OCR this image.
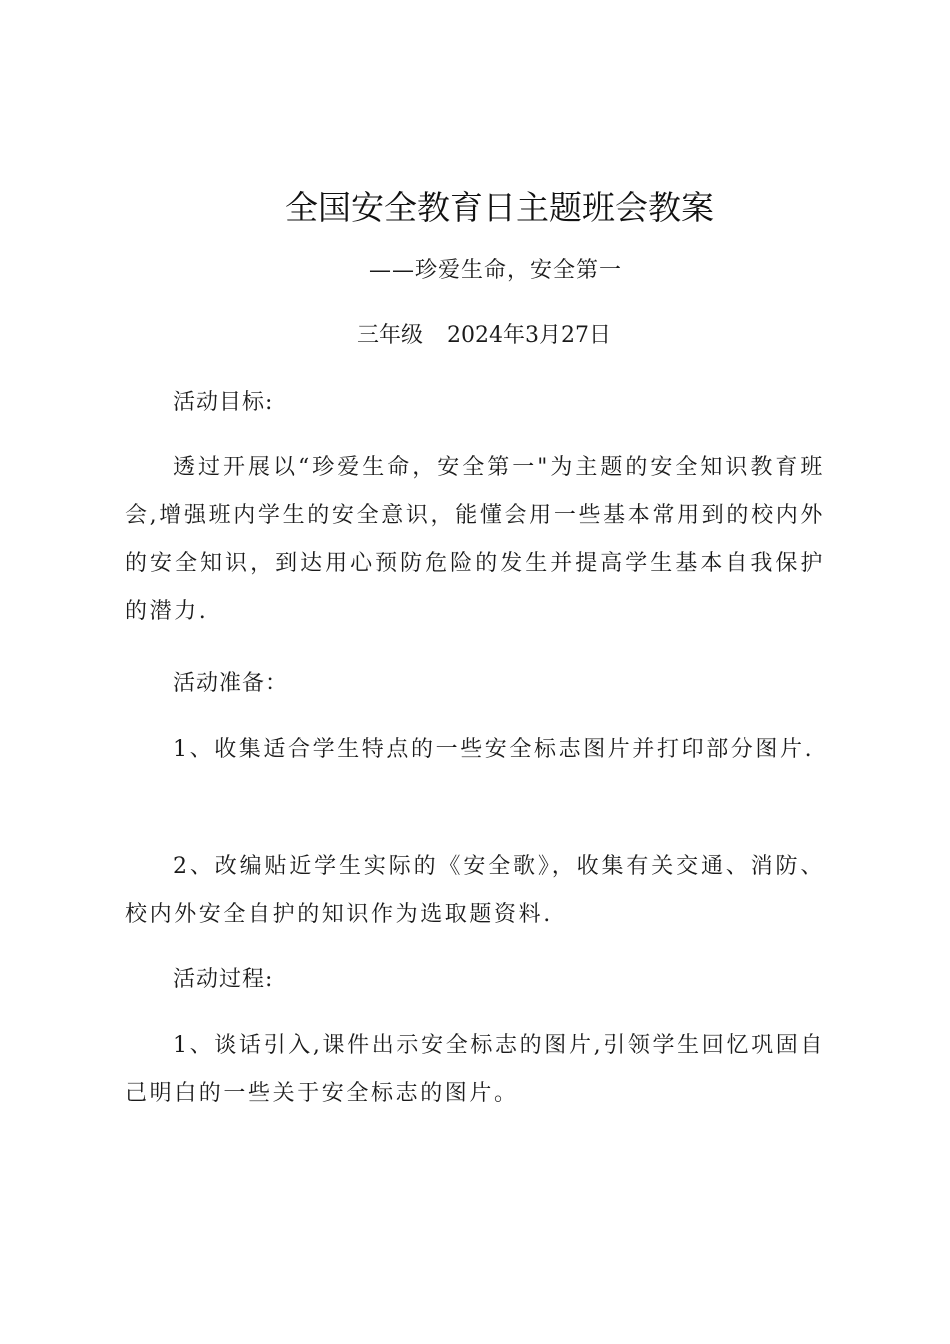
全国安全教育日主题班会教案
——珍爱生命，安全第一
三年级 2024年3月27日
活动目标:
透过开展以“珍爱生命，安全第一"为主题的安全知识教育班会,增强班内学生的安全意识，能懂会用一些基本常用到的校内外的安全知识，到达用心预防危险的发生并提高学生基本自我保护的潜力.
活动准备：
1、收集适合学生特点的一些安全标志图片并打印部分图片.
2、改编贴近学生实际的《安全歌》，收集有关交通、消防、校内外安全自护的知识作为选取题资料.
活动过程:
1、谈话引入,课件出示安全标志的图片,引领学生回忆巩固自己明白的一些关于安全标志的图片。
